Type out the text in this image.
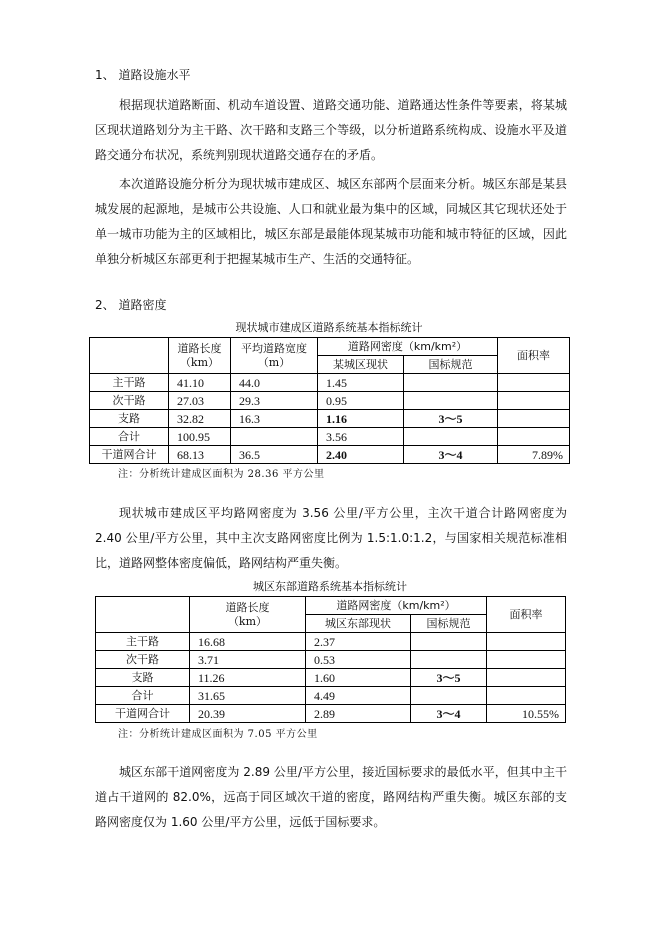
1、 道路设施水平
根据现状道路断面、机动车道设置、道路交通功能、道路通达性条件等要素，将某城区现状道路划分为主干路、次干路和支路三个等级，以分析道路系统构成、设施水平及道路交通分布状况，系统判别现状道路交通存在的矛盾。
本次道路设施分析分为现状城市建成区、城区东部两个层面来分析。城区东部是某县城发展的起源地，是城市公共设施、人口和就业最为集中的区域，同城区其它现状还处于单一城市功能为主的区域相比，城区东部是最能体现某城市功能和城市特征的区域，因此单独分析城区东部更利于把握某城市生产、生活的交通特征。
2、 道路密度
现状城市建成区道路系统基本指标统计
	道路长度
（km）	平均道路宽度
（m）	道路网密度（km/km²）		面积率
			某城区现状	国标规范	
主干路	41.10	44.0	1.45		
次干路	27.03	29.3	0.95		
支路	32.82	16.3	1.16	3～5	
合计	100.95		3.56		
干道网合计	68.13	36.5	2.40	3～4	7.89%
注：分析统计建成区面积为 28.36 平方公里
现状城市建成区平均路网密度为 3.56 公里/平方公里，主次干道合计路网密度为 2.40 公里/平方公里，其中主次支路网密度比例为 1.5:1.0:1.2，与国家相关规范标准相比，道路网整体密度偏低，路网结构严重失衡。
城区东部道路系统基本指标统计
	道路长度
（km）	道路网密度（km/km²）		面积率
		城区东部现状	国标规范	
主干路	16.68	2.37		
次干路	3.71	0.53		
支路	11.26	1.60	3～5	
合计	31.65	4.49		
干道网合计	20.39	2.89	3～4	10.55%
注：分析统计建成区面积为 7.05 平方公里
城区东部干道网密度为 2.89 公里/平方公里，接近国标要求的最低水平，但其中主干道占干道网的 82.0%，远高于同区域次干道的密度，路网结构严重失衡。城区东部的支路网密度仅为 1.60 公里/平方公里，远低于国标要求。
